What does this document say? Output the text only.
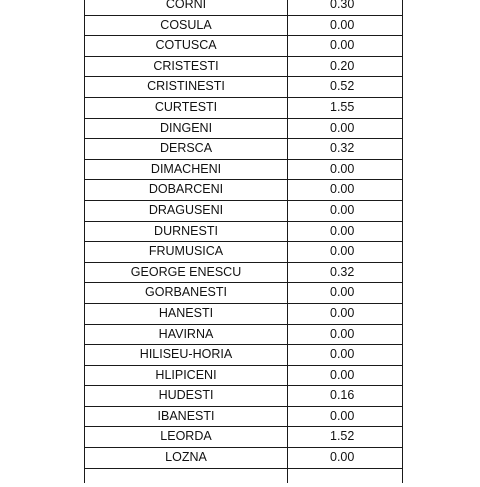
CORNI	0.30
COSULA	0.00
COTUSCA	0.00
CRISTESTI	0.20
CRISTINESTI	0.52
CURTESTI	1.55
DINGENI	0.00
DERSCA	0.32
DIMACHENI	0.00
DOBARCENI	0.00
DRAGUSENI	0.00
DURNESTI	0.00
FRUMUSICA	0.00
GEORGE ENESCU	0.32
GORBANESTI	0.00
HANESTI	0.00
HAVIRNA	0.00
HILISEU-HORIA	0.00
HLIPICENI	0.00
HUDESTI	0.16
IBANESTI	0.00
LEORDA	1.52
LOZNA	0.00
